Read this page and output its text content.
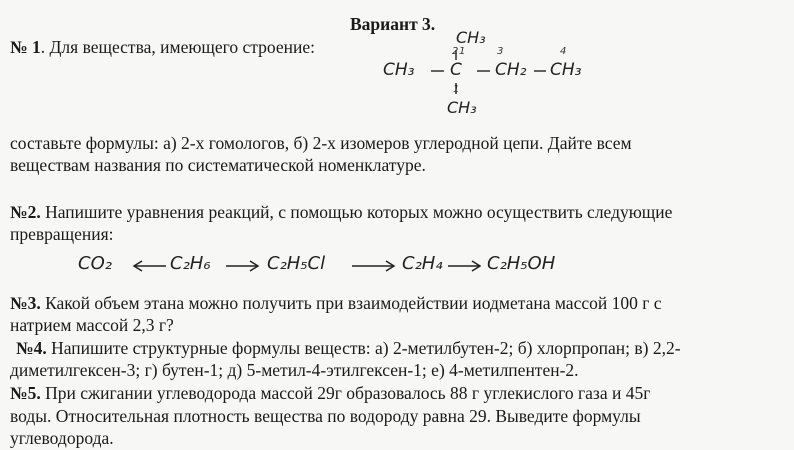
Вариант 3.
№ 1. Для вещества, имеющего строение:	2 1	3	4
1
CH₃
CH₃ C CH₂ CH₃
CH₃
составьте формулы: а) 2-х гомологов, б) 2-х изомеров углеродной цепи. Дайте всем
веществам названия по систематической номенклатуре.
№2. Напишите уравнения реакций, с помощью которых можно осуществить следующие
превращения:
CO₂	C₂H₆	C₂H₅Cl	C₂H₄ C₂H₅OH
№3. Какой объем этана можно получить при взаимодействии иодметана массой 100 г с
натрием массой 2,3 г?
№4. Напишите структурные формулы веществ: а) 2-метилбутен-2; б) хлорпропан; в) 2,2-
диметилгексен-3; г) бутен-1; д) 5-метил-4-этилгексен-1; е) 4-метилпентен-2.
№5. При сжигании углеводорода массой 29г образовалось 88 г углекислого газа и 45г
воды. Относительная плотность вещества по водороду равна 29. Выведите формулы
углеводорода.
